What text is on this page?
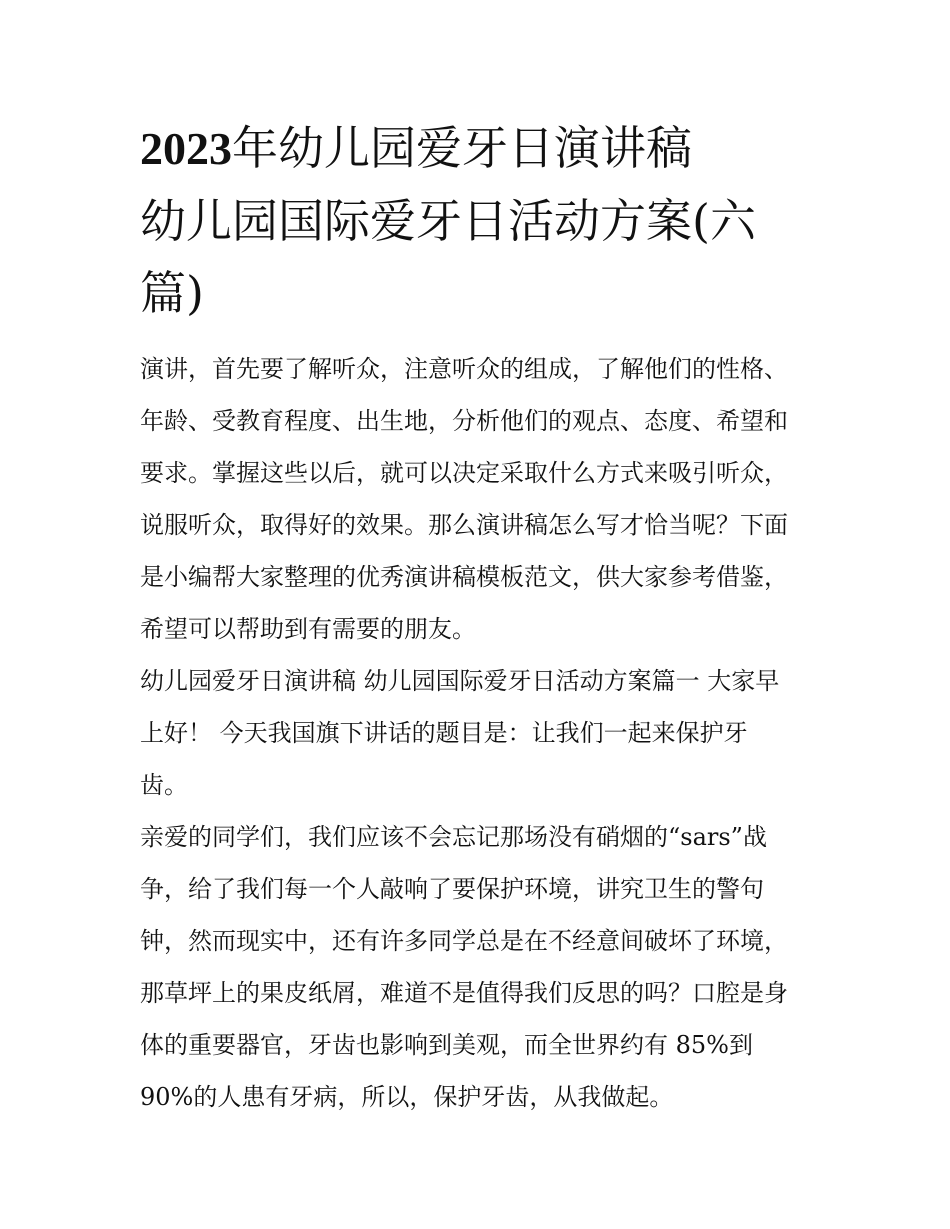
2023年幼儿园爱牙日演讲稿
幼儿园国际爱牙日活动方案(六
篇)
演讲，首先要了解听众，注意听众的组成，了解他们的性格、
年龄、受教育程度、出生地，分析他们的观点、态度、希望和
要求。掌握这些以后，就可以决定采取什么方式来吸引听众，
说服听众，取得好的效果。那么演讲稿怎么写才恰当呢？下面
是小编帮大家整理的优秀演讲稿模板范文，供大家参考借鉴，
希望可以帮助到有需要的朋友。
幼儿园爱牙日演讲稿 幼儿园国际爱牙日活动方案篇一 大家早
上好！ 今天我国旗下讲话的题目是：让我们一起来保护牙
齿。
亲爱的同学们，我们应该不会忘记那场没有硝烟的“sars”战
争，给了我们每一个人敲响了要保护环境，讲究卫生的警句
钟，然而现实中，还有许多同学总是在不经意间破坏了环境，
那草坪上的果皮纸屑，难道不是值得我们反思的吗？口腔是身
体的重要器官，牙齿也影响到美观，而全世界约有 85%到
90%的人患有牙病，所以，保护牙齿，从我做起。
